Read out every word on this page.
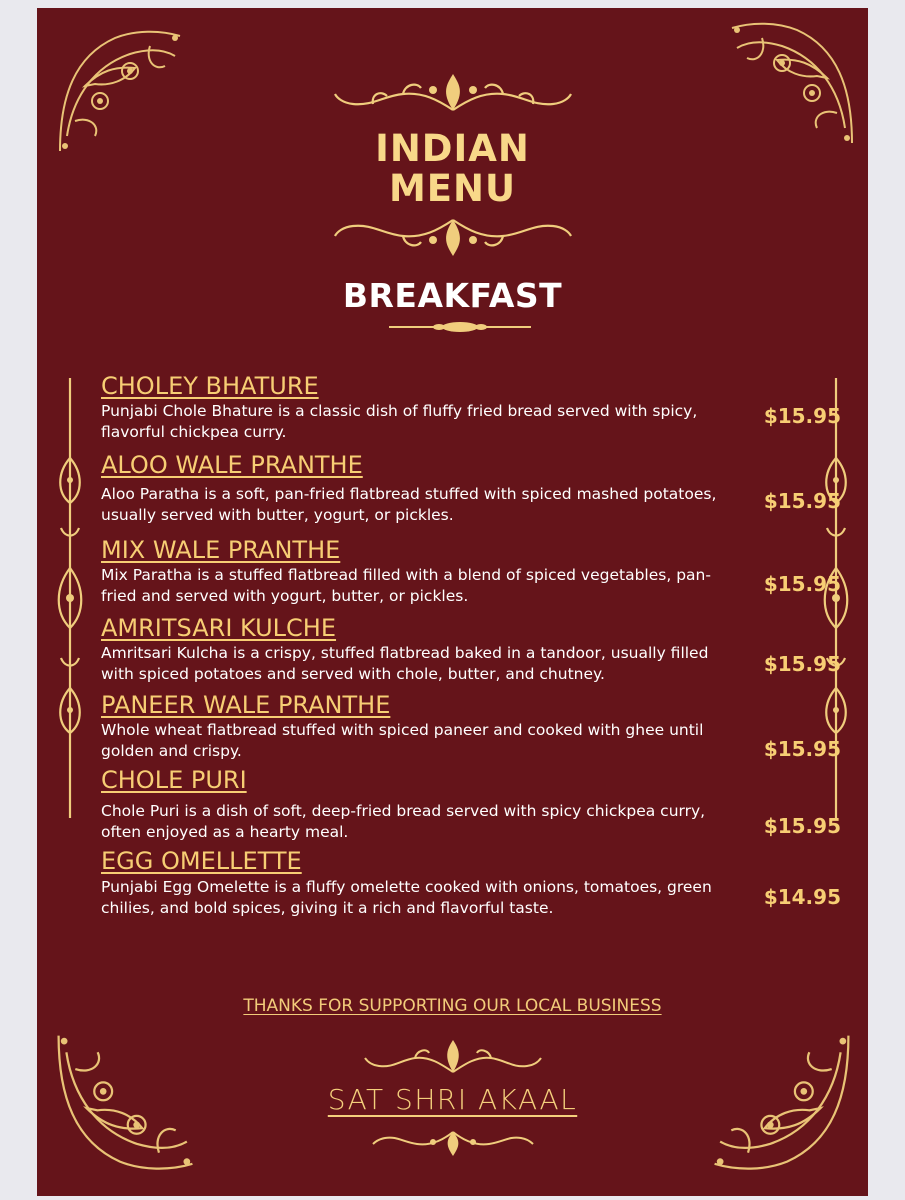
INDIAN
MENU
BREAKFAST
CHOLEY BHATURE
Punjabi Chole Bhature is a classic dish of fluffy fried bread served with spicy, flavorful chickpea curry.
$15.95
ALOO WALE PRANTHE
Aloo Paratha is a soft, pan-fried flatbread stuffed with spiced mashed potatoes, usually served with butter, yogurt, or pickles.
$15.95
MIX WALE PRANTHE
Mix Paratha is a stuffed flatbread filled with a blend of spiced vegetables, pan-fried and served with yogurt, butter, or pickles.	$15.95
AMRITSARI KULCHE
Amritsari Kulcha is a crispy, stuffed flatbread baked in a tandoor, usually filled with spiced potatoes and served with chole, butter, and chutney.	$15.95
PANEER WALE PRANTHE
Whole wheat flatbread stuffed with spiced paneer and cooked with ghee until golden and crispy.	$15.95
CHOLE PURI
Chole Puri is a dish of soft, deep-fried bread served with spicy chickpea curry, often enjoyed as a hearty meal.	$15.95
EGG OMELLETTE
Punjabi Egg Omelette is a fluffy omelette cooked with onions, tomatoes, green chilies, and bold spices, giving it a rich and flavorful taste.	$14.95
THANKS FOR SUPPORTING OUR LOCAL BUSINESS
SAT SHRI AKAAL
